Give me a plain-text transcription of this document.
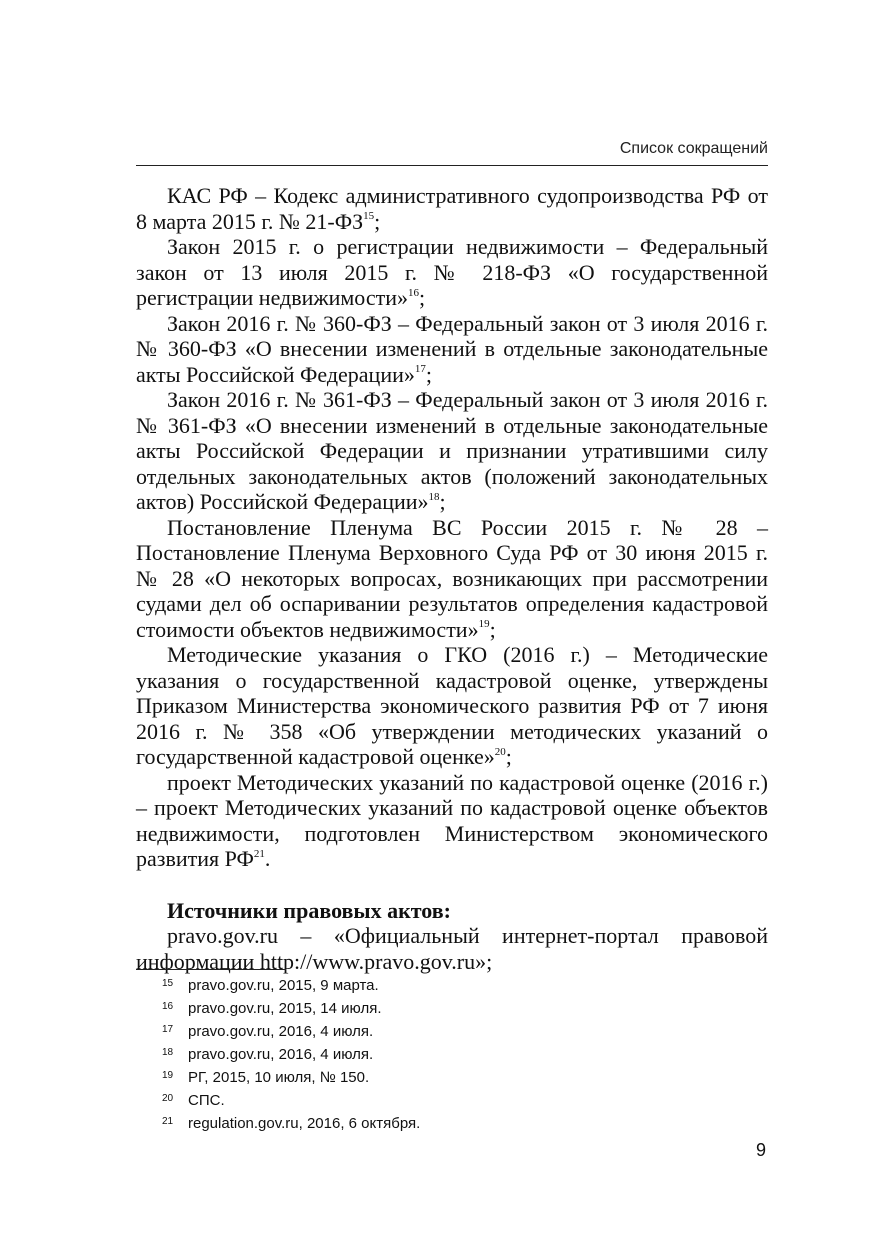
Список сокращений

КАС РФ – Кодекс административного судопроизводства РФ от 8 марта 2015 г. № 21-ФЗ$^{15}$;

Закон 2015 г. о регистрации недвижимости – Федеральный закон от 13 июля 2015 г. № 218-ФЗ «О государственной регистрации недвижимости»$^{16}$;

Закон 2016 г. № 360-ФЗ – Федеральный закон от 3 июля 2016 г. № 360-ФЗ «О внесении изменений в отдельные законодательные акты Российской Федерации»$^{17}$;

Закон 2016 г. № 361-ФЗ – Федеральный закон от 3 июля 2016 г. № 361-ФЗ «О внесении изменений в отдельные законодательные акты Российской Федерации и признании утратившими силу отдельных законодательных актов (положений законодательных актов) Российской Федерации»$^{18}$;

Постановление Пленума ВС России 2015 г. № 28 – Постановление Пленума Верховного Суда РФ от 30 июня 2015 г. № 28 «О некоторых вопросах, возникающих при рассмотрении судами дел об оспаривании результатов определения кадастровой стоимости объектов недвижимости»$^{19}$;

Методические указания о ГКО (2016 г.) – Методические указания о государственной кадастровой оценке, утверждены Приказом Министерства экономического развития РФ от 7 июня 2016 г. № 358 «Об утверждении методических указаний о государственной кадастровой оценке»$^{20}$;

проект Методических указаний по кадастровой оценке (2016 г.) – проект Методических указаний по кадастровой оценке объектов недвижимости, подготовлен Министерством экономического развития РФ$^{21}$.

Источники правовых актов:

pravo.gov.ru – «Официальный интернет-портал правовой информации http://www.pravo.gov.ru»;

15 pravo.gov.ru, 2015, 9 марта.
16 pravo.gov.ru, 2015, 14 июля.
17 pravo.gov.ru, 2016, 4 июля.
18 pravo.gov.ru, 2016, 4 июля.
19 РГ, 2015, 10 июля, № 150.
20 СПС.
21 regulation.gov.ru, 2016, 6 октября.
9
